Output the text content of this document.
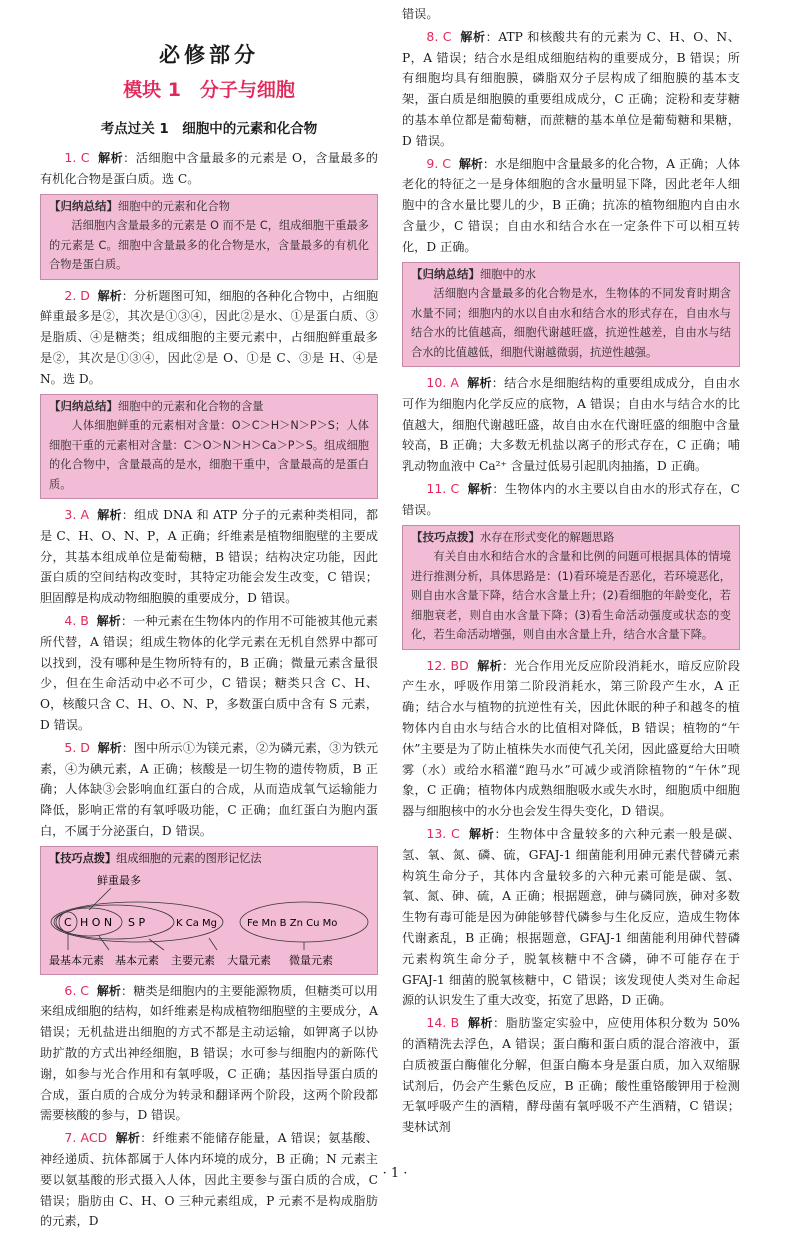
必修部分
模块 1　分子与细胞
考点过关 1　细胞中的元素和化合物

1. C 解析：活细胞中含量最多的元素是 O，含量最多的有机化合物是蛋白质。选 C。

【归纳总结】细胞中的元素和化合物

活细胞内含量最多的元素是 O 而不是 C，组成细胞干重最多的元素是 C。细胞中含量最多的化合物是水，含量最多的有机化合物是蛋白质。

2. D 解析：分析题图可知，细胞的各种化合物中，占细胞鲜重最多是②，其次是①③④，因此②是水、①是蛋白质、③是脂质、④是糖类；组成细胞的主要元素中，占细胞鲜重最多是②，其次是①③④，因此②是 O、①是 C、③是 H、④是 N。选 D。

【归纳总结】细胞中的元素和化合物的含量

人体细胞鲜重的元素相对含量：O＞C＞H＞N＞P＞S；人体细胞干重的元素相对含量：C＞O＞N＞H＞Ca＞P＞S。组成细胞的化合物中，含量最高的是水，细胞干重中，含量最高的是蛋白质。

3. A 解析：组成 DNA 和 ATP 分子的元素种类相同，都是 C、H、O、N、P，A 正确；纤维素是植物细胞壁的主要成分，其基本组成单位是葡萄糖，B 错误；结构决定功能，因此蛋白质的空间结构改变时，其特定功能会发生改变，C 错误；胆固醇是构成动物细胞膜的重要成分，D 错误。

4. B 解析：一种元素在生物体内的作用不可能被其他元素所代替，A 错误；组成生物体的化学元素在无机自然界中都可以找到，没有哪种是生物所特有的，B 正确；微量元素含量很少，但在生命活动中必不可少，C 错误；糖类只含 C、H、O，核酸只含 C、H、O、N、P，多数蛋白质中含有 S 元素，D 错误。

5. D 解析：图中所示①为镁元素，②为磷元素，③为铁元素，④为碘元素，A 正确；核酸是一切生物的遗传物质，B 正确；人体缺③会影响血红蛋白的合成，从而造成氧气运输能力降低，影响正常的有氧呼吸功能，C 正确；血红蛋白为胞内蛋白，不属于分泌蛋白，D 错误。

【技巧点拨】组成细胞的元素的图形记忆法
鲜重最多
C H O N S P	K Ca Mg	Fe Mn B Zn Cu Mo
最基本元素 基本元素 主要元素 大量元素 微量元素

6. C 解析：糖类是细胞内的主要能源物质，但糖类可以用来组成细胞的结构，如纤维素是构成植物细胞壁的主要成分，A 错误；无机盐进出细胞的方式不都是主动运输，如钾离子以协助扩散的方式出神经细胞，B 错误；水可参与细胞内的新陈代谢，如参与光合作用和有氧呼吸，C 正确；基因指导蛋白质的合成，蛋白质的合成分为转录和翻译两个阶段，这两个阶段都需要核酸的参与，D 错误。

7. ACD 解析：纤维素不能储存能量，A 错误；氨基酸、神经递质、抗体都属于人体内环境的成分，B 正确；N 元素主要以氨基酸的形式摄入人体，因此主要参与蛋白质的合成，C 错误；脂肪由 C、H、O 三种元素组成，P 元素不是构成脂肪的元素，D

错误。

8. C 解析：ATP 和核酸共有的元素为 C、H、O、N、P，A 错误；结合水是组成细胞结构的重要成分，B 错误；所有细胞均具有细胞膜，磷脂双分子层构成了细胞膜的基本支架，蛋白质是细胞膜的重要组成成分，C 正确；淀粉和麦芽糖的基本单位都是葡萄糖，而蔗糖的基本单位是葡萄糖和果糖，D 错误。

9. C 解析：水是细胞中含量最多的化合物，A 正确；人体老化的特征之一是身体细胞的含水量明显下降，因此老年人细胞中的含水量比婴儿的少，B 正确；抗冻的植物细胞内自由水含量少，C 错误；自由水和结合水在一定条件下可以相互转化，D 正确。

【归纳总结】细胞中的水

活细胞内含量最多的化合物是水，生物体的不同发育时期含水量不同；细胞内的水以自由水和结合水的形式存在，自由水与结合水的比值越高，细胞代谢越旺盛，抗逆性越差，自由水与结合水的比值越低，细胞代谢越微弱，抗逆性越强。

10. A 解析：结合水是细胞结构的重要组成成分，自由水可作为细胞内化学反应的底物，A 错误；自由水与结合水的比值越大，细胞代谢越旺盛，故自由水在代谢旺盛的细胞中含量较高，B 正确；大多数无机盐以离子的形式存在，C 正确；哺乳动物血液中 Ca²⁺ 含量过低易引起肌肉抽搐，D 正确。

11. C 解析：生物体内的水主要以自由水的形式存在，C 错误。

【技巧点拨】水存在形式变化的解题思路

有关自由水和结合水的含量和比例的问题可根据具体的情境进行推测分析，具体思路是：(1)看环境是否恶化，若环境恶化，则自由水含量下降，结合水含量上升；(2)看细胞的年龄变化，若细胞衰老，则自由水含量下降；(3)看生命活动强度或状态的变化，若生命活动增强，则自由水含量上升，结合水含量下降。

12. BD 解析：光合作用光反应阶段消耗水，暗反应阶段产生水，呼吸作用第二阶段消耗水，第三阶段产生水，A 正确；结合水与植物的抗逆性有关，因此休眠的种子和越冬的植物体内自由水与结合水的比值相对降低，B 错误；植物的“午休”主要是为了防止植株失水而使气孔关闭，因此盛夏给大田喷雾（水）或给水稻灌“跑马水”可减少或消除植物的“午休”现象，C 正确；植物体内成熟细胞吸水或失水时，细胞质中细胞器与细胞核中的水分也会发生得失变化，D 错误。

13. C 解析：生物体中含量较多的六种元素一般是碳、氢、氧、氮、磷、硫，GFAJ-1 细菌能利用砷元素代替磷元素构筑生命分子，其体内含量较多的六种元素可能是碳、氢、氧、氮、砷、硫，A 正确；根据题意，砷与磷同族，砷对多数生物有毒可能是因为砷能够替代磷参与生化反应，造成生物体代谢紊乱，B 正确；根据题意，GFAJ-1 细菌能利用砷代替磷元素构筑生命分子，脱氧核糖中不含磷，砷不可能存在于 GFAJ-1 细菌的脱氧核糖中，C 错误；该发现使人类对生命起源的认识发生了重大改变，拓宽了思路，D 正确。

14. B 解析：脂肪鉴定实验中，应使用体积分数为 50% 的酒精洗去浮色，A 错误；蛋白酶和蛋白质的混合溶液中，蛋白质被蛋白酶催化分解，但蛋白酶本身是蛋白质，加入双缩脲试剂后，仍会产生紫色反应，B 正确；酸性重铬酸钾用于检测无氧呼吸产生的酒精，酵母菌有氧呼吸不产生酒精，C 错误；斐林试剂

· 1 ·
